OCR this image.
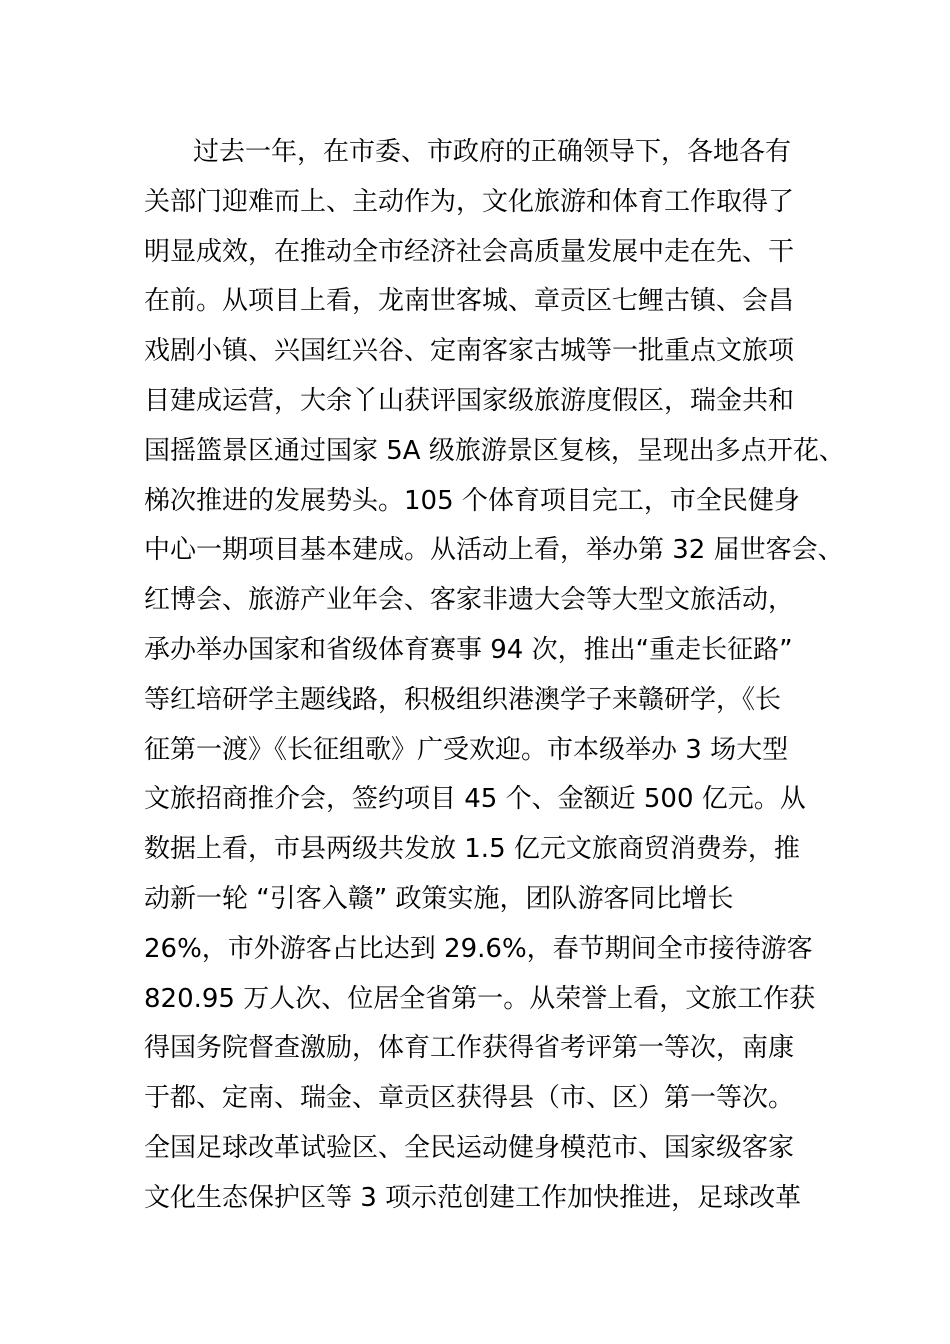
过去一年，在市委、市政府的正确领导下，各地各有
关部门迎难而上、主动作为，文化旅游和体育工作取得了
明显成效，在推动全市经济社会高质量发展中走在先、干
在前。从项目上看，龙南世客城、章贡区七鲤古镇、会昌
戏剧小镇、兴国红兴谷、定南客家古城等一批重点文旅项
目建成运营，大余丫山获评国家级旅游度假区，瑞金共和
国摇篮景区通过国家 5A 级旅游景区复核，呈现出多点开花、
梯次推进的发展势头。105 个体育项目完工，市全民健身
中心一期项目基本建成。从活动上看，举办第 32 届世客会、
红博会、旅游产业年会、客家非遗大会等大型文旅活动，
承办举办国家和省级体育赛事 94 次，推出“重走长征路”
等红培研学主题线路，积极组织港澳学子来赣研学，《长
征第一渡》《长征组歌》广受欢迎。市本级举办 3 场大型
文旅招商推介会，签约项目 45 个、金额近 500 亿元。从
数据上看，市县两级共发放 1.5 亿元文旅商贸消费券，推
动新一轮 “引客入赣” 政策实施，团队游客同比增长
26%，市外游客占比达到 29.6%，春节期间全市接待游客
820.95 万人次、位居全省第一。从荣誉上看，文旅工作获
得国务院督查激励，体育工作获得省考评第一等次，南康
于都、定南、瑞金、章贡区获得县（市、区）第一等次。
全国足球改革试验区、全民运动健身模范市、国家级客家
文化生态保护区等 3 项示范创建工作加快推进，足球改革
